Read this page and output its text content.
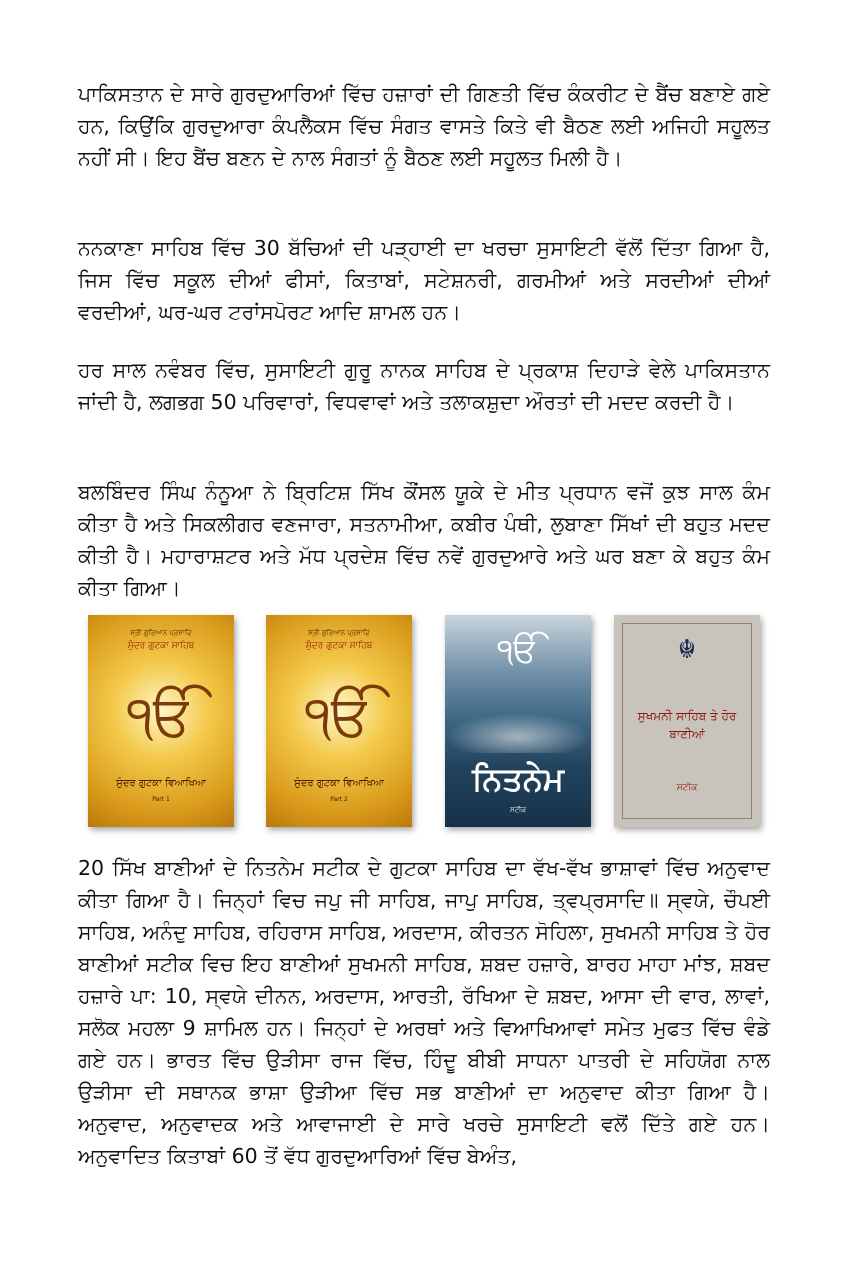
ਪਾਕਿਸਤਾਨ ਦੇ ਸਾਰੇ ਗੁਰਦੁਆਰਿਆਂ ਵਿੱਚ ਹਜ਼ਾਰਾਂ ਦੀ ਗਿਣਤੀ ਵਿੱਚ ਕੰਕਰੀਟ ਦੇ ਬੈਂਚ ਬਣਾਏ ਗਏ ਹਨ, ਕਿਉਂਕਿ ਗੁਰਦੁਆਰਾ ਕੰਪਲੈਕਸ ਵਿੱਚ ਸੰਗਤ ਵਾਸਤੇ ਕਿਤੇ ਵੀ ਬੈਠਣ ਲਈ ਅਜਿਹੀ ਸਹੂਲਤ ਨਹੀਂ ਸੀ। ਇਹ ਬੈਂਚ ਬਣਨ ਦੇ ਨਾਲ ਸੰਗਤਾਂ ਨੂੰ ਬੈਠਣ ਲਈ ਸਹੂਲਤ ਮਿਲੀ ਹੈ।

ਨਨਕਾਣਾ ਸਾਹਿਬ ਵਿੱਚ 30 ਬੱਚਿਆਂ ਦੀ ਪੜ੍ਹਾਈ ਦਾ ਖਰਚਾ ਸੁਸਾਇਟੀ ਵੱਲੋਂ ਦਿੱਤਾ ਗਿਆ ਹੈ, ਜਿਸ ਵਿੱਚ ਸਕੂਲ ਦੀਆਂ ਫੀਸਾਂ, ਕਿਤਾਬਾਂ, ਸਟੇਸ਼ਨਰੀ, ਗਰਮੀਆਂ ਅਤੇ ਸਰਦੀਆਂ ਦੀਆਂ ਵਰਦੀਆਂ, ਘਰ-ਘਰ ਟਰਾਂਸਪੋਰਟ ਆਦਿ ਸ਼ਾਮਲ ਹਨ।

ਹਰ ਸਾਲ ਨਵੰਬਰ ਵਿੱਚ, ਸੁਸਾਇਟੀ ਗੁਰੂ ਨਾਨਕ ਸਾਹਿਬ ਦੇ ਪ੍ਰਕਾਸ਼ ਦਿਹਾੜੇ ਵੇਲੇ ਪਾਕਿਸਤਾਨ ਜਾਂਦੀ ਹੈ, ਲਗਭਗ 50 ਪਰਿਵਾਰਾਂ, ਵਿਧਵਾਵਾਂ ਅਤੇ ਤਲਾਕਸ਼ੁਦਾ ਔਰਤਾਂ ਦੀ ਮਦਦ ਕਰਦੀ ਹੈ।

ਬਲਬਿੰਦਰ ਸਿੰਘ ਨੰਨੂਆ ਨੇ ਬ੍ਰਿਟਿਸ਼ ਸਿੱਖ ਕੌਂਸਲ ਯੂਕੇ ਦੇ ਮੀਤ ਪ੍ਰਧਾਨ ਵਜੋਂ ਕੁਝ ਸਾਲ ਕੰਮ ਕੀਤਾ ਹੈ ਅਤੇ ਸਿਕਲੀਗਰ ਵਣਜਾਰਾ, ਸਤਨਾਮੀਆ, ਕਬੀਰ ਪੰਥੀ, ਲੁਬਾਣਾ ਸਿੱਖਾਂ ਦੀ ਬਹੁਤ ਮਦਦ ਕੀਤੀ ਹੈ। ਮਹਾਰਾਸ਼ਟਰ ਅਤੇ ਮੱਧ ਪ੍ਰਦੇਸ਼ ਵਿੱਚ ਨਵੇਂ ਗੁਰਦੁਆਰੇ ਅਤੇ ਘਰ ਬਣਾ ਕੇ ਬਹੁਤ ਕੰਮ ਕੀਤਾ ਗਿਆ।

ਸ੍ਰੀ ਗੁਰਿਆਨ ਪ੍ਰਸਾਦਿ
ਸੁੰਦਰ ਗੁਟਕਾ ਸਾਹਿਬ
ੴ
ਸੁੰਦਰ ਗੁਟਕਾ ਵਿਆਖਿਆ
Part 1
ਸ੍ਰੀ ਗੁਰਿਆਨ ਪ੍ਰਸਾਦਿ
ਸੁੰਦਰ ਗੁਟਕਾ ਸਾਹਿਬ
ੴ
ਸੁੰਦਰ ਗੁਟਕਾ ਵਿਆਖਿਆ
Part 2
ੴ
ਨਿਤਨੇਮ
ਸਟੀਕ
☬
ਸੁਖਮਨੀ ਸਾਹਿਬ ਤੇ ਹੋਰ ਬਾਣੀਆਂ
ਸਟੀਕ

20 ਸਿੱਖ ਬਾਣੀਆਂ ਦੇ ਨਿਤਨੇਮ ਸਟੀਕ ਦੇ ਗੁਟਕਾ ਸਾਹਿਬ ਦਾ ਵੱਖ-ਵੱਖ ਭਾਸ਼ਾਵਾਂ ਵਿੱਚ ਅਨੁਵਾਦ ਕੀਤਾ ਗਿਆ ਹੈ। ਜਿਨ੍ਹਾਂ ਵਿਚ ਜਪੁ ਜੀ ਸਾਹਿਬ, ਜਾਪੁ ਸਾਹਿਬ, ਤ੍ਵਪ੍ਰਸਾਦਿ॥ ਸ੍ਵਯੇ, ਚੌਪਈ ਸਾਹਿਬ, ਅਨੰਦੁ ਸਾਹਿਬ, ਰਹਿਰਾਸ ਸਾਹਿਬ, ਅਰਦਾਸ, ਕੀਰਤਨ ਸੋਹਿਲਾ, ਸੁਖਮਨੀ ਸਾਹਿਬ ਤੇ ਹੋਰ ਬਾਣੀਆਂ ਸਟੀਕ ਵਿਚ ਇਹ ਬਾਣੀਆਂ ਸੁਖਮਨੀ ਸਾਹਿਬ, ਸ਼ਬਦ ਹਜ਼ਾਰੇ, ਬਾਰਹ ਮਾਹਾ ਮਾਂਝ, ਸ਼ਬਦ ਹਜ਼ਾਰੇ ਪਾ: 10, ਸ੍ਵਯੇ ਦੀਨਨ, ਅਰਦਾਸ, ਆਰਤੀ, ਰੱਖਿਆ ਦੇ ਸ਼ਬਦ, ਆਸਾ ਦੀ ਵਾਰ, ਲਾਵਾਂ, ਸਲੋਕ ਮਹਲਾ 9 ਸ਼ਾਮਿਲ ਹਨ। ਜਿਨ੍ਹਾਂ ਦੇ ਅਰਥਾਂ ਅਤੇ ਵਿਆਖਿਆਵਾਂ ਸਮੇਤ ਮੁਫਤ ਵਿੱਚ ਵੰਡੇ ਗਏ ਹਨ। ਭਾਰਤ ਵਿੱਚ ਉੜੀਸਾ ਰਾਜ ਵਿੱਚ, ਹਿੰਦੂ ਬੀਬੀ ਸਾਧਨਾ ਪਾਤਰੀ ਦੇ ਸਹਿਯੋਗ ਨਾਲ ਉੜੀਸਾ ਦੀ ਸਥਾਨਕ ਭਾਸ਼ਾ ਉੜੀਆ ਵਿੱਚ ਸਭ ਬਾਣੀਆਂ ਦਾ ਅਨੁਵਾਦ ਕੀਤਾ ਗਿਆ ਹੈ। ਅਨੁਵਾਦ, ਅਨੁਵਾਦਕ ਅਤੇ ਆਵਾਜਾਈ ਦੇ ਸਾਰੇ ਖਰਚੇ ਸੁਸਾਇਟੀ ਵਲੋਂ ਦਿੱਤੇ ਗਏ ਹਨ। ਅਨੁਵਾਦਿਤ ਕਿਤਾਬਾਂ 60 ਤੋਂ ਵੱਧ ਗੁਰਦੁਆਰਿਆਂ ਵਿੱਚ ਬੇਅੰਤ,
